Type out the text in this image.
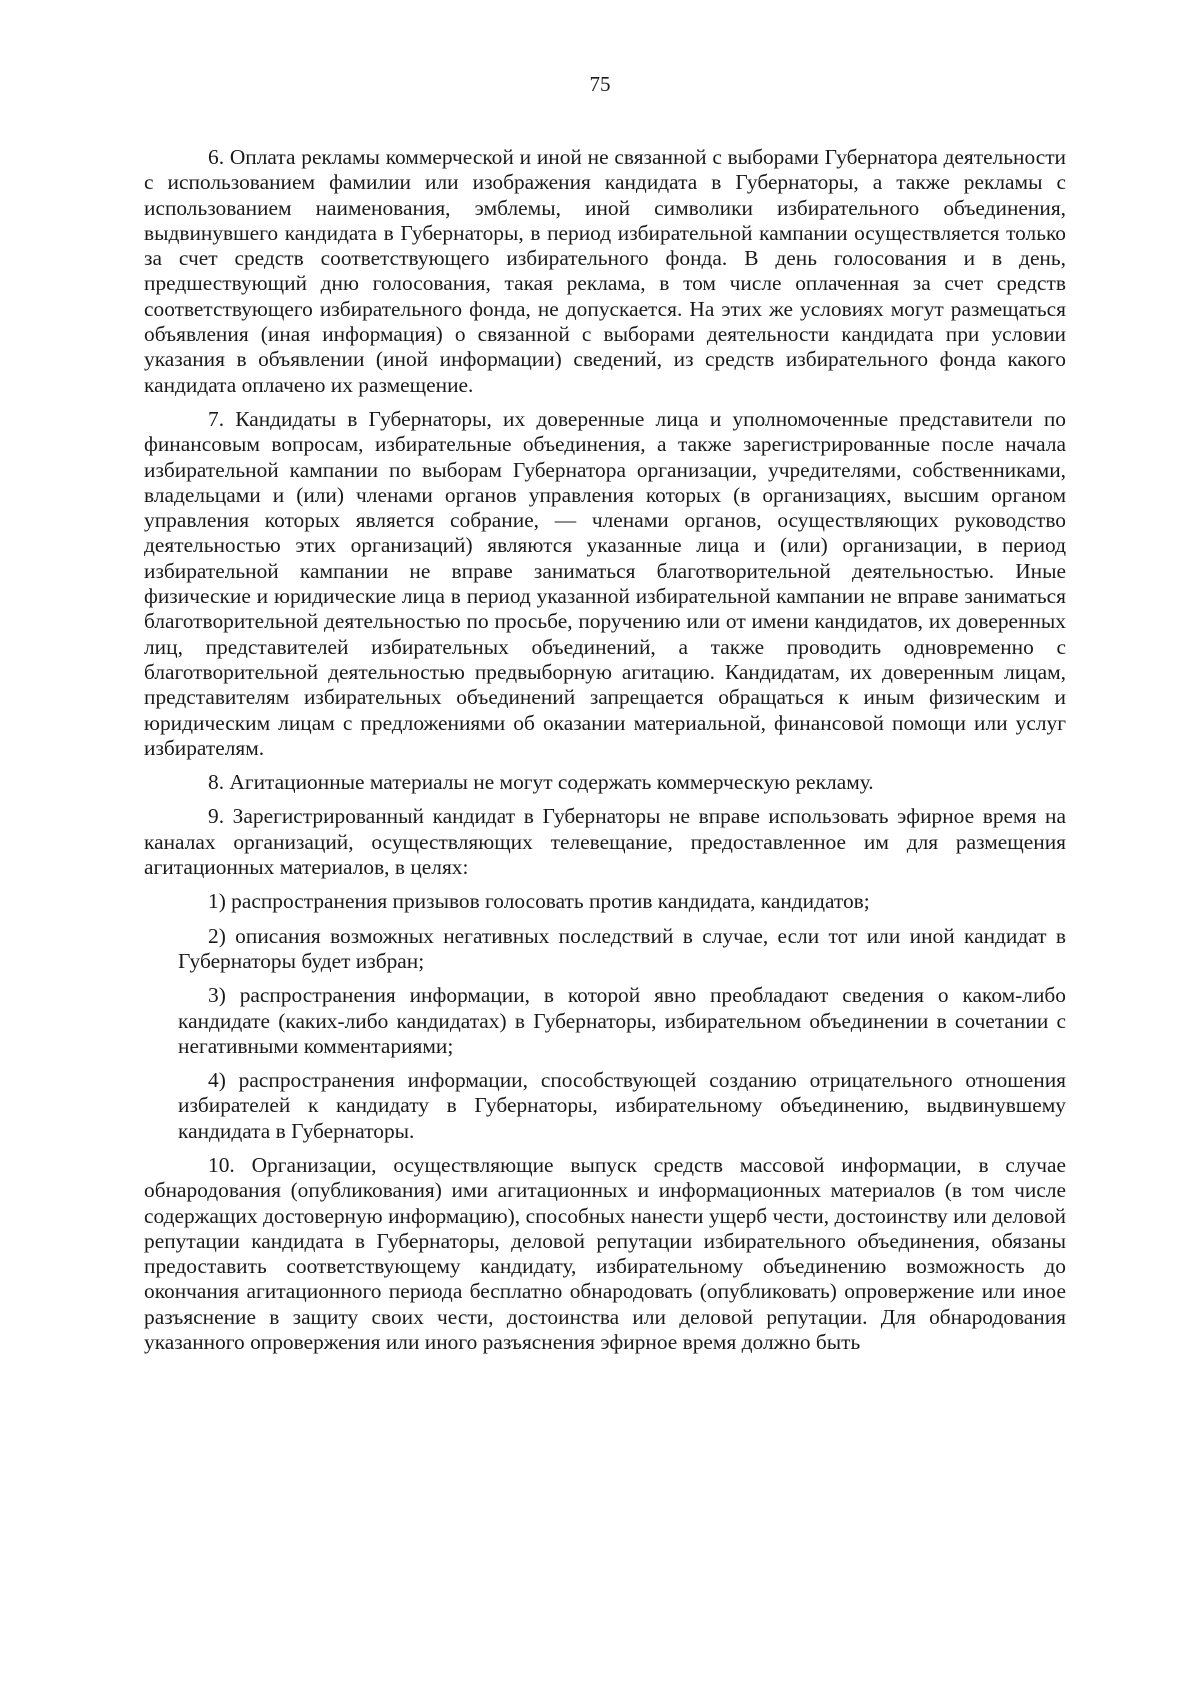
75

6. Оплата рекламы коммерческой и иной не связанной с выборами Губернатора деятельности с использованием фамилии или изображения кандидата в Губернаторы, а также рекламы с использованием наименования, эмблемы, иной символики избирательного объединения, выдвинувшего кандидата в Губернаторы, в период избирательной кампании осуществляется только за счет средств соответствующего избирательного фонда. В день голосования и в день, предшествующий дню голосования, такая реклама, в том числе оплаченная за счет средств соответствующего избирательного фонда, не допускается. На этих же условиях могут размещаться объявления (иная информация) о связанной с выборами деятельности кандидата при условии указания в объявлении (иной информации) сведений, из средств избирательного фонда какого кандидата оплачено их размещение.

7. Кандидаты в Губернаторы, их доверенные лица и уполномоченные представители по финансовым вопросам, избирательные объединения, а также зарегистрированные после начала избирательной кампании по выборам Губернатора организации, учредителями, собственниками, владельцами и (или) членами органов управления которых (в организациях, высшим органом управления которых является собрание, — членами органов, осуществляющих руководство деятельностью этих организаций) являются указанные лица и (или) организации, в период избирательной кампании не вправе заниматься благотворительной деятельностью. Иные физические и юридические лица в период указанной избирательной кампании не вправе заниматься благотворительной деятельностью по просьбе, поручению или от имени кандидатов, их доверенных лиц, представителей избирательных объединений, а также проводить одновременно с благотворительной деятельностью предвыборную агитацию. Кандидатам, их доверенным лицам, представителям избирательных объединений запрещается обращаться к иным физическим и юридическим лицам с предложениями об оказании материальной, финансовой помощи или услуг избирателям.

8. Агитационные материалы не могут содержать коммерческую рекламу.

9. Зарегистрированный кандидат в Губернаторы не вправе использовать эфирное время на каналах организаций, осуществляющих телевещание, предоставленное им для размещения агитационных материалов, в целях:

1) распространения призывов голосовать против кандидата, кандидатов;

2) описания возможных негативных последствий в случае, если тот или иной кандидат в Губернаторы будет избран;

3) распространения информации, в которой явно преобладают сведения о каком-либо кандидате (каких-либо кандидатах) в Губернаторы, избирательном объединении в сочетании с негативными комментариями;

4) распространения информации, способствующей созданию отрицательного отношения избирателей к кандидату в Губернаторы, избирательному объединению, выдвинувшему кандидата в Губернаторы.

10. Организации, осуществляющие выпуск средств массовой информации, в случае обнародования (опубликования) ими агитационных и информационных материалов (в том числе содержащих достоверную информацию), способных нанести ущерб чести, достоинству или деловой репутации кандидата в Губернаторы, деловой репутации избирательного объединения, обязаны предоставить соответствующему кандидату, избирательному объединению возможность до окончания агитационного периода бесплатно обнародовать (опубликовать) опровержение или иное разъяснение в защиту своих чести, достоинства или деловой репутации. Для обнародования указанного опровержения или иного разъяснения эфирное время должно быть
